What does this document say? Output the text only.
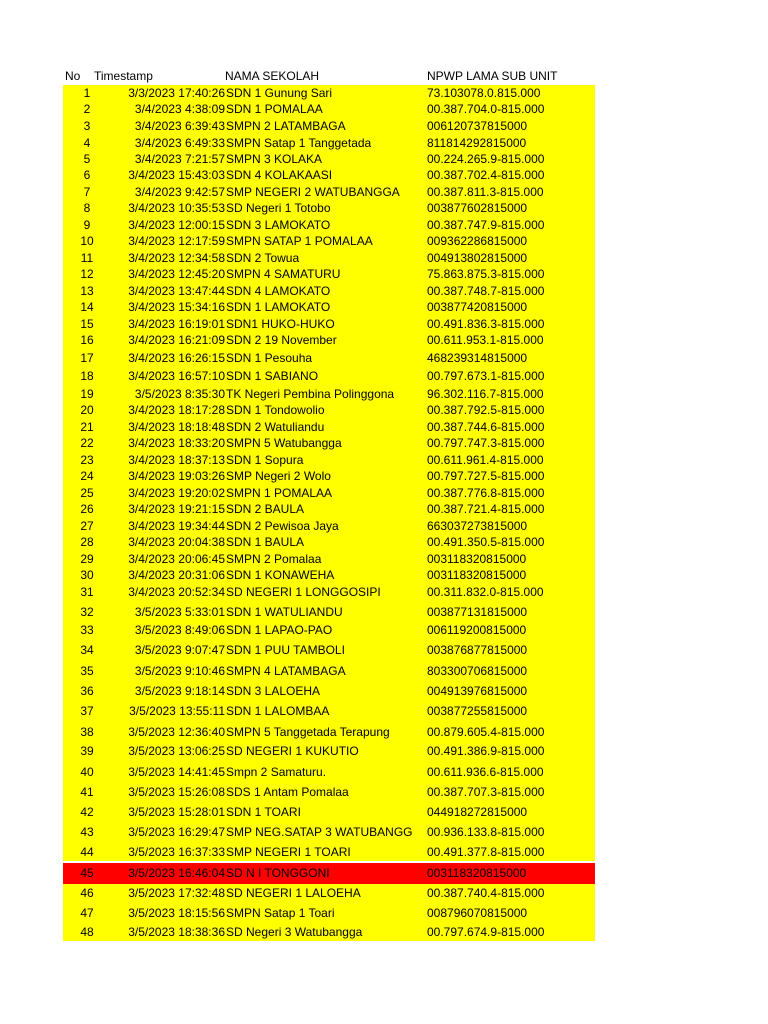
No Timestamp	NAMA SEKOLAH	NPWP LAMA SUB UNIT
1	3/3/2023 17:40:26 SDN 1 Gunung Sari	73.103078.0.815.000
2	3/4/2023 4:38:09 SDN 1 POMALAA	00.387.704.0-815.000
3	3/4/2023 6:39:43 SMPN 2 LATAMBAGA	006120737815000
4	3/4/2023 6:49:33 SMPN Satap 1 Tanggetada	811814292815000
5	3/4/2023 7:21:57 SMPN 3 KOLAKA	00.224.265.9-815.000
6	3/4/2023 15:43:03 SDN 4 KOLAKAASI	00.387.702.4-815.000
7	3/4/2023 9:42:57 SMP NEGERI 2 WATUBANGGA 00.387.811.3-815.000
8	3/4/2023 10:35:53 SD Negeri 1 Totobo	003877602815000
9	3/4/2023 12:00:15 SDN 3 LAMOKATO	00.387.747.9-815.000
10	3/4/2023 12:17:59 SMPN SATAP 1 POMALAA	009362286815000
11	3/4/2023 12:34:58 SDN 2 Towua	004913802815000
12	3/4/2023 12:45:20 SMPN 4 SAMATURU	75.863.875.3-815.000
13	3/4/2023 13:47:44 SDN 4 LAMOKATO	00.387.748.7-815.000
14	3/4/2023 15:34:16 SDN 1 LAMOKATO	003877420815000
15	3/4/2023 16:19:01 SDN1 HUKO-HUKO	00.491.836.3-815.000
16	3/4/2023 16:21:09 SDN 2 19 November	00.611.953.1-815.000
17	3/4/2023 16:26:15 SDN 1 Pesouha	468239314815000
18	3/4/2023 16:57:10 SDN 1 SABIANO	00.797.673.1-815.000
19	3/5/2023 8:35:30 TK Negeri Pembina Polinggona	96.302.116.7-815.000
20	3/4/2023 18:17:28 SDN 1 Tondowolio	00.387.792.5-815.000
21	3/4/2023 18:18:48 SDN 2 Watuliandu	00.387.744.6-815.000
22	3/4/2023 18:33:20 SMPN 5 Watubangga	00.797.747.3-815.000
23	3/4/2023 18:37:13 SDN 1 Sopura	00.611.961.4-815.000
24	3/4/2023 19:03:26 SMP Negeri 2 Wolo	00.797.727.5-815.000
25	3/4/2023 19:20:02 SMPN 1 POMALAA	00.387.776.8-815.000
26	3/4/2023 19:21:15 SDN 2 BAULA	00.387.721.4-815.000
27	3/4/2023 19:34:44 SDN 2 Pewisoa Jaya	663037273815000
28	3/4/2023 20:04:38 SDN 1 BAULA	00.491.350.5-815.000
29	3/4/2023 20:06:45 SMPN 2 Pomalaa	003118320815000
30	3/4/2023 20:31:06 SDN 1 KONAWEHA	003118320815000
31	3/4/2023 20:52:34 SD NEGERI 1 LONGGOSIPI	00.311.832.0-815.000
32	3/5/2023 5:33:01 SDN 1 WATULIANDU	003877131815000
33	3/5/2023 8:49:06 SDN 1 LAPAO-PAO	006119200815000
34	3/5/2023 9:07:47 SDN 1 PUU TAMBOLI	003876877815000
35	3/5/2023 9:10:46 SMPN 4 LATAMBAGA	803300706815000
36	3/5/2023 9:18:14 SDN 3 LALOEHA	004913976815000
37	3/5/2023 13:55:11 SDN 1 LALOMBAA	003877255815000
38	3/5/2023 12:36:40 SMPN 5 Tanggetada Terapung	00.879.605.4-815.000
39	3/5/2023 13:06:25 SD NEGERI 1 KUKUTIO	00.491.386.9-815.000
40	3/5/2023 14:41:45 Smpn 2 Samaturu.	00.611.936.6-815.000
41	3/5/2023 15:26:08 SDS 1 Antam Pomalaa	00.387.707.3-815.000
42	3/5/2023 15:28:01 SDN 1 TOARI	044918272815000
43	3/5/2023 16:29:47 SMP NEG.SATAP 3 WATUBANGG 00.936.133.8-815.000
44	3/5/2023 16:37:33 SMP NEGERI 1 TOARI	00.491.377.8-815.000
45	3/5/2023 16:46:04 SD N I TONGGONI	003118320815000
46	3/5/2023 17:32:48 SD NEGERI 1 LALOEHA	00.387.740.4-815.000
47	3/5/2023 18:15:56 SMPN Satap 1 Toari	008796070815000
48	3/5/2023 18:38:36 SD Negeri 3 Watubangga	00.797.674.9-815.000
